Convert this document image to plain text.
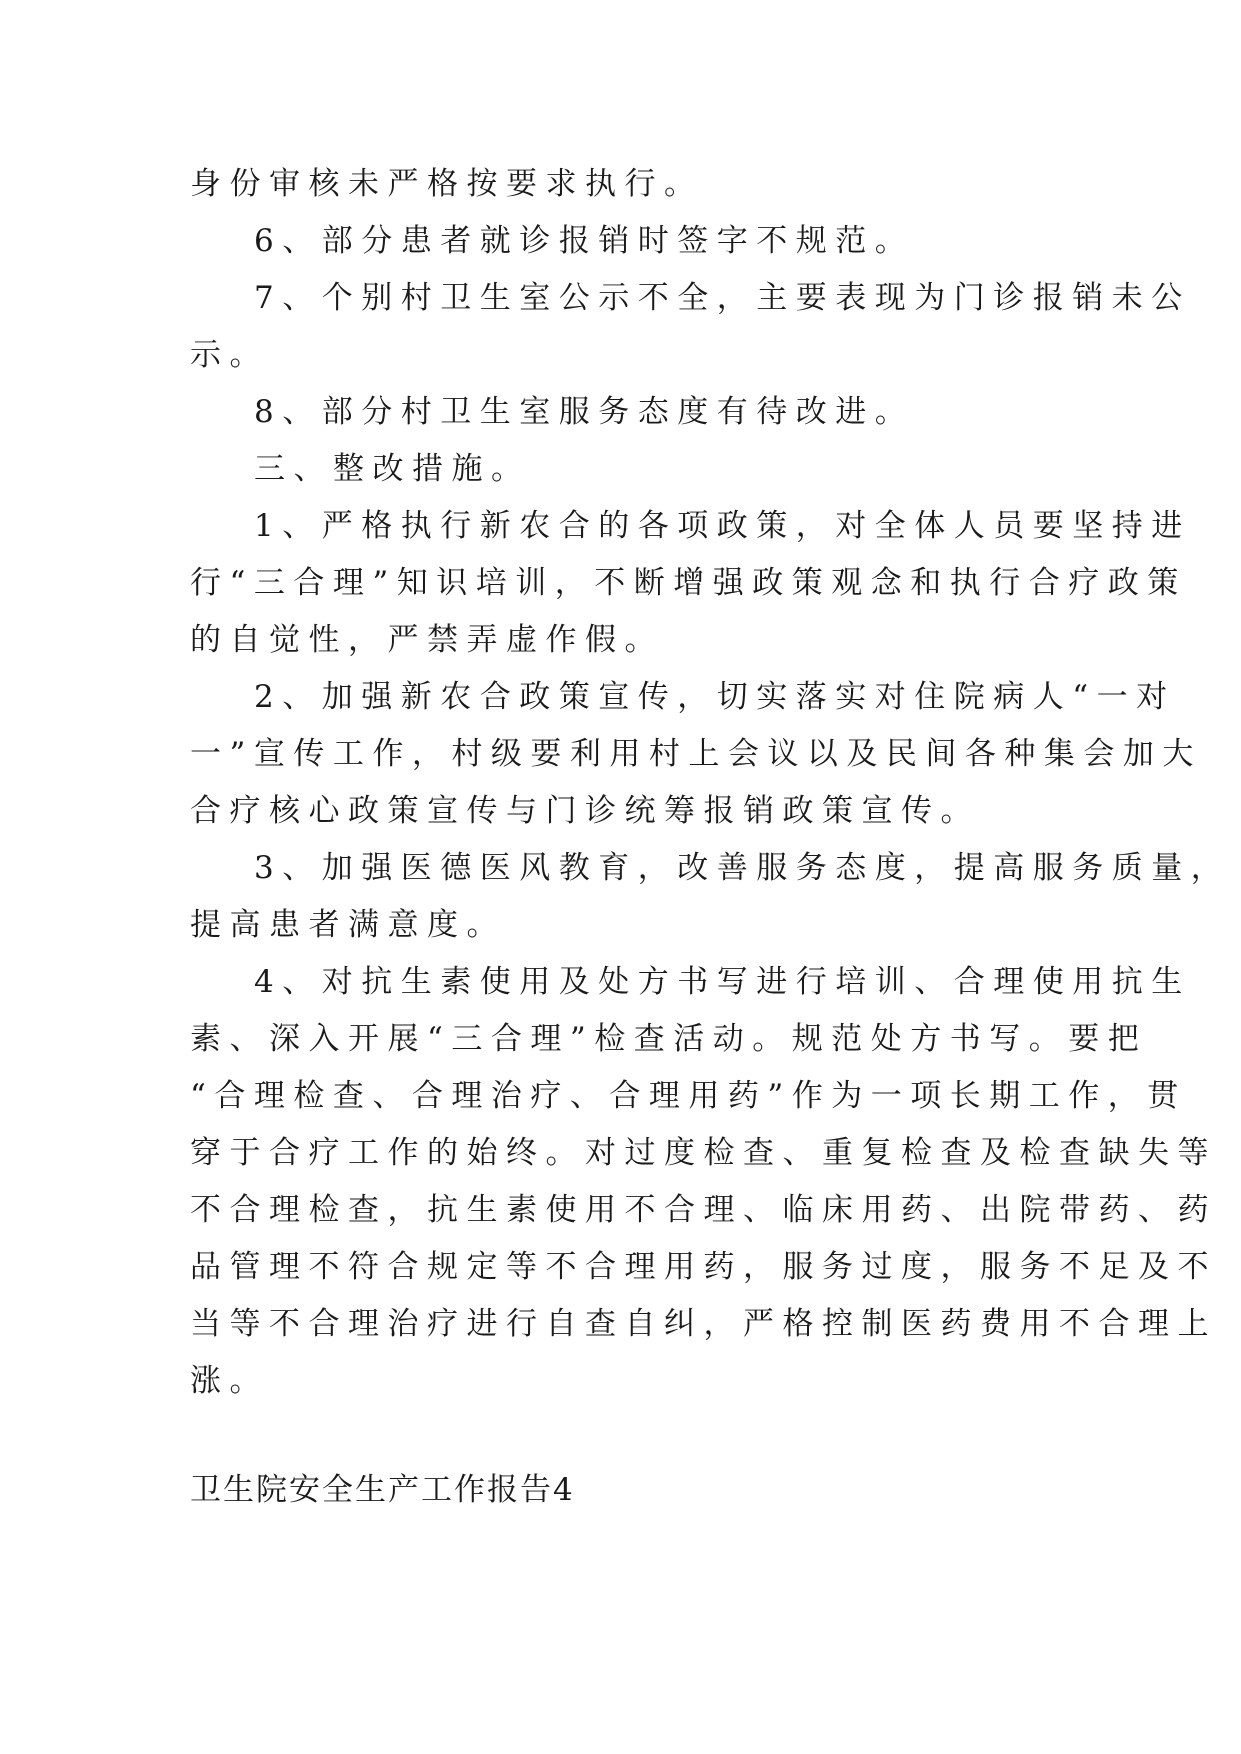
身份审核未严格按要求执行。
6、部分患者就诊报销时签字不规范。
7、个别村卫生室公示不全，主要表现为门诊报销未公
示。
8、部分村卫生室服务态度有待改进。
三、整改措施。
1、严格执行新农合的各项政策，对全体人员要坚持进
行“三合理”知识培训，不断增强政策观念和执行合疗政策
的自觉性，严禁弄虚作假。
2、加强新农合政策宣传，切实落实对住院病人“一对
一”宣传工作，村级要利用村上会议以及民间各种集会加大
合疗核心政策宣传与门诊统筹报销政策宣传。
3、加强医德医风教育，改善服务态度，提高服务质量，
提高患者满意度。
4、对抗生素使用及处方书写进行培训、合理使用抗生
素、深入开展“三合理”检查活动。规范处方书写。要把
“合理检查、合理治疗、合理用药”作为一项长期工作，贯
穿于合疗工作的始终。对过度检查、重复检查及检查缺失等
不合理检查，抗生素使用不合理、临床用药、出院带药、药
品管理不符合规定等不合理用药，服务过度，服务不足及不
当等不合理治疗进行自查自纠，严格控制医药费用不合理上
涨。
卫生院安全生产工作报告4
